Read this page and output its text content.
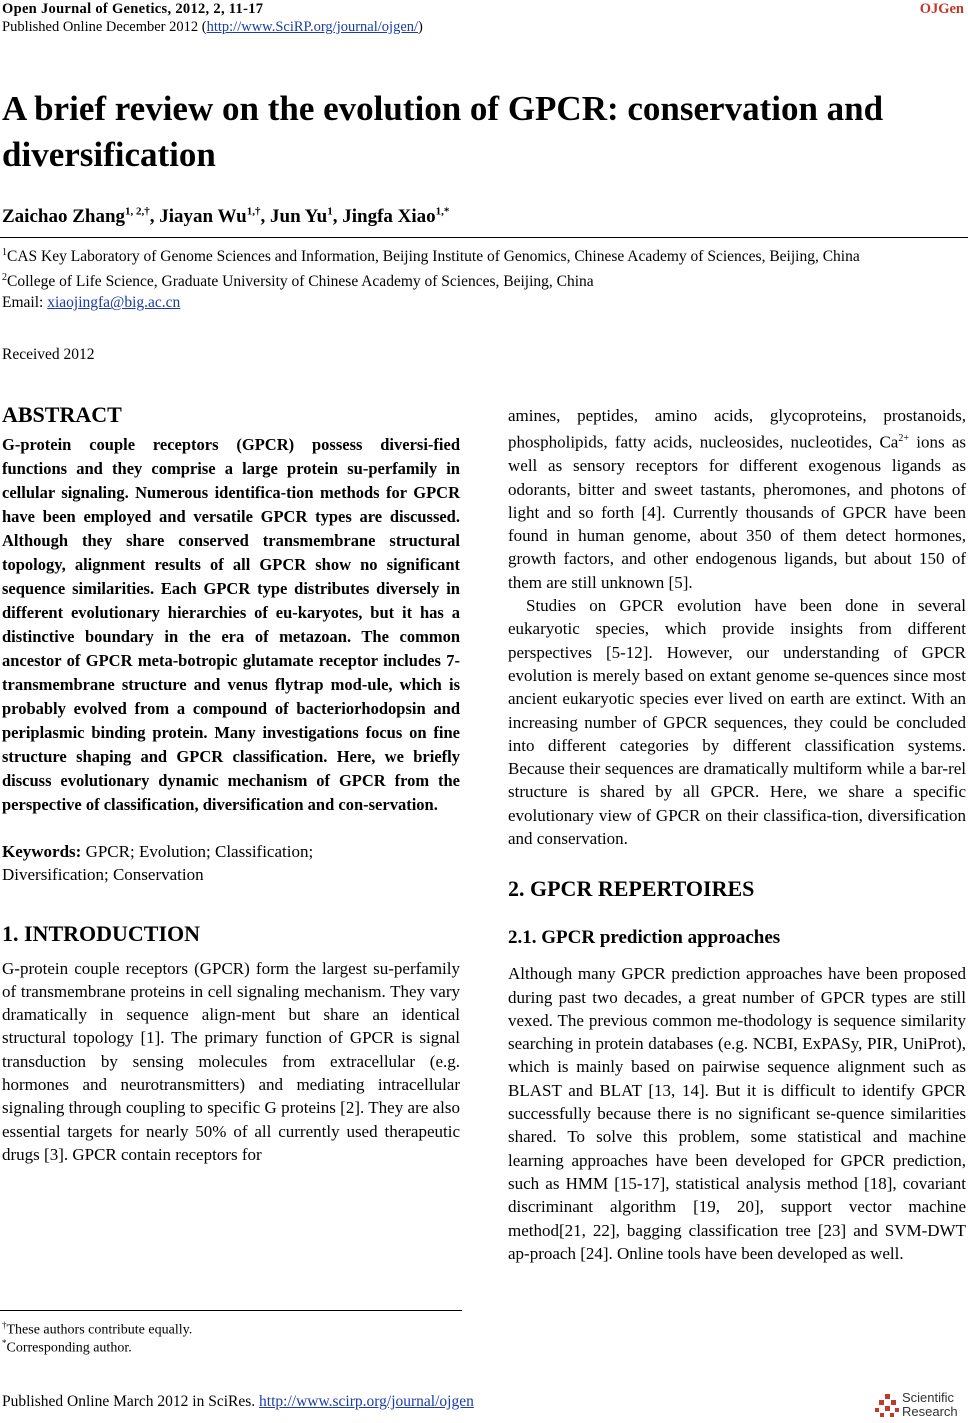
Open Journal of Genetics, 2012, 2, 11-17
Published Online December 2012 (http://www.SciRP.org/journal/ojgen/)
OJGen
A brief review on the evolution of GPCR: conservation and diversification
Zaichao Zhang$^{1, 2,\dagger}$, Jiayan $Wu^{1,\dagger}$, Jun Yu$^1$, Jingfa Xiao$^{1,*}$
$^1$CAS Key Laboratory of Genome Sciences and Information, Beijing Institute of Genomics, Chinese Academy of Sciences, Beijing, China
$^2$College of Life Science, Graduate University of Chinese Academy of Sciences, Beijing, China
Email: xiaojingfa@big.ac.cn
Received 2012
ABSTRACT

G-protein couple receptors (GPCR) possess diversi-fied functions and they comprise a large protein su-perfamily in cellular signaling. Numerous identifica-tion methods for GPCR have been employed and versatile GPCR types are discussed. Although they share conserved transmembrane structural topology, alignment results of all GPCR show no significant sequence similarities. Each GPCR type distributes diversely in different evolutionary hierarchies of eu-karyotes, but it has a distinctive boundary in the era of metazoan. The common ancestor of GPCR meta-botropic glutamate receptor includes 7-transmembrane structure and venus flytrap mod-ule, which is probably evolved from a compound of bacteriorhodopsin and periplasmic binding protein. Many investigations focus on fine structure shaping and GPCR classification. Here, we briefly discuss evolutionary dynamic mechanism of GPCR from the perspective of classification, diversification and con-servation.

Keywords: GPCR; Evolution; Classification;
Diversification; Conservation
1. INTRODUCTION

G-protein couple receptors (GPCR) form the largest su-perfamily of transmembrane proteins in cell signaling mechanism. They vary dramatically in sequence align-ment but share an identical structural topology [1]. The primary function of GPCR is signal transduction by sensing molecules from extracellular (e.g. hormones and neurotransmitters) and mediating intracellular signaling through coupling to specific G proteins [2]. They are also essential targets for nearly 50% of all currently used therapeutic drugs [3]. GPCR contain receptors for

†These authors contribute equally.
*Corresponding author.

amines, peptides, amino acids, glycoproteins, prostanoids, phospholipids, fatty acids, nucleosides, nucleotides, $Ca^{2+}$ ions as well as sensory receptors for different exogenous ligands as odorants, bitter and sweet tastants, pheromones, and photons of light and so forth [4]. Currently thousands of GPCR have been found in human genome, about 350 of them detect hormones, growth factors, and other endogenous ligands, but about 150 of them are still unknown [5].

Studies on GPCR evolution have been done in several eukaryotic species, which provide insights from different perspectives [5-12]. However, our understanding of GPCR evolution is merely based on extant genome se-quences since most ancient eukaryotic species ever lived on earth are extinct. With an increasing number of GPCR sequences, they could be concluded into different categories by different classification systems. Because their sequences are dramatically multiform while a bar-rel structure is shared by all GPCR. Here, we share a specific evolutionary view of GPCR on their classifica-tion, diversification and conservation.

2. GPCR REPERTOIRES
2.1. GPCR prediction approaches

Although many GPCR prediction approaches have been proposed during past two decades, a great number of GPCR types are still vexed. The previous common me-thodology is sequence similarity searching in protein databases (e.g. NCBI, ExPASy, PIR, UniProt), which is mainly based on pairwise sequence alignment such as BLAST and BLAT [13, 14]. But it is difficult to identify GPCR successfully because there is no significant se-quence similarities shared. To solve this problem, some statistical and machine learning approaches have been developed for GPCR prediction, such as HMM [15-17], statistical analysis method [18], covariant discriminant algorithm [19, 20], support vector machine method[21, 22], bagging classification tree [23] and SVM-DWT ap-proach [24]. Online tools have been developed as well.

Published Online March 2012 in SciRes. http://www.scirp.org/journal/ojgen	Scientific
Research
